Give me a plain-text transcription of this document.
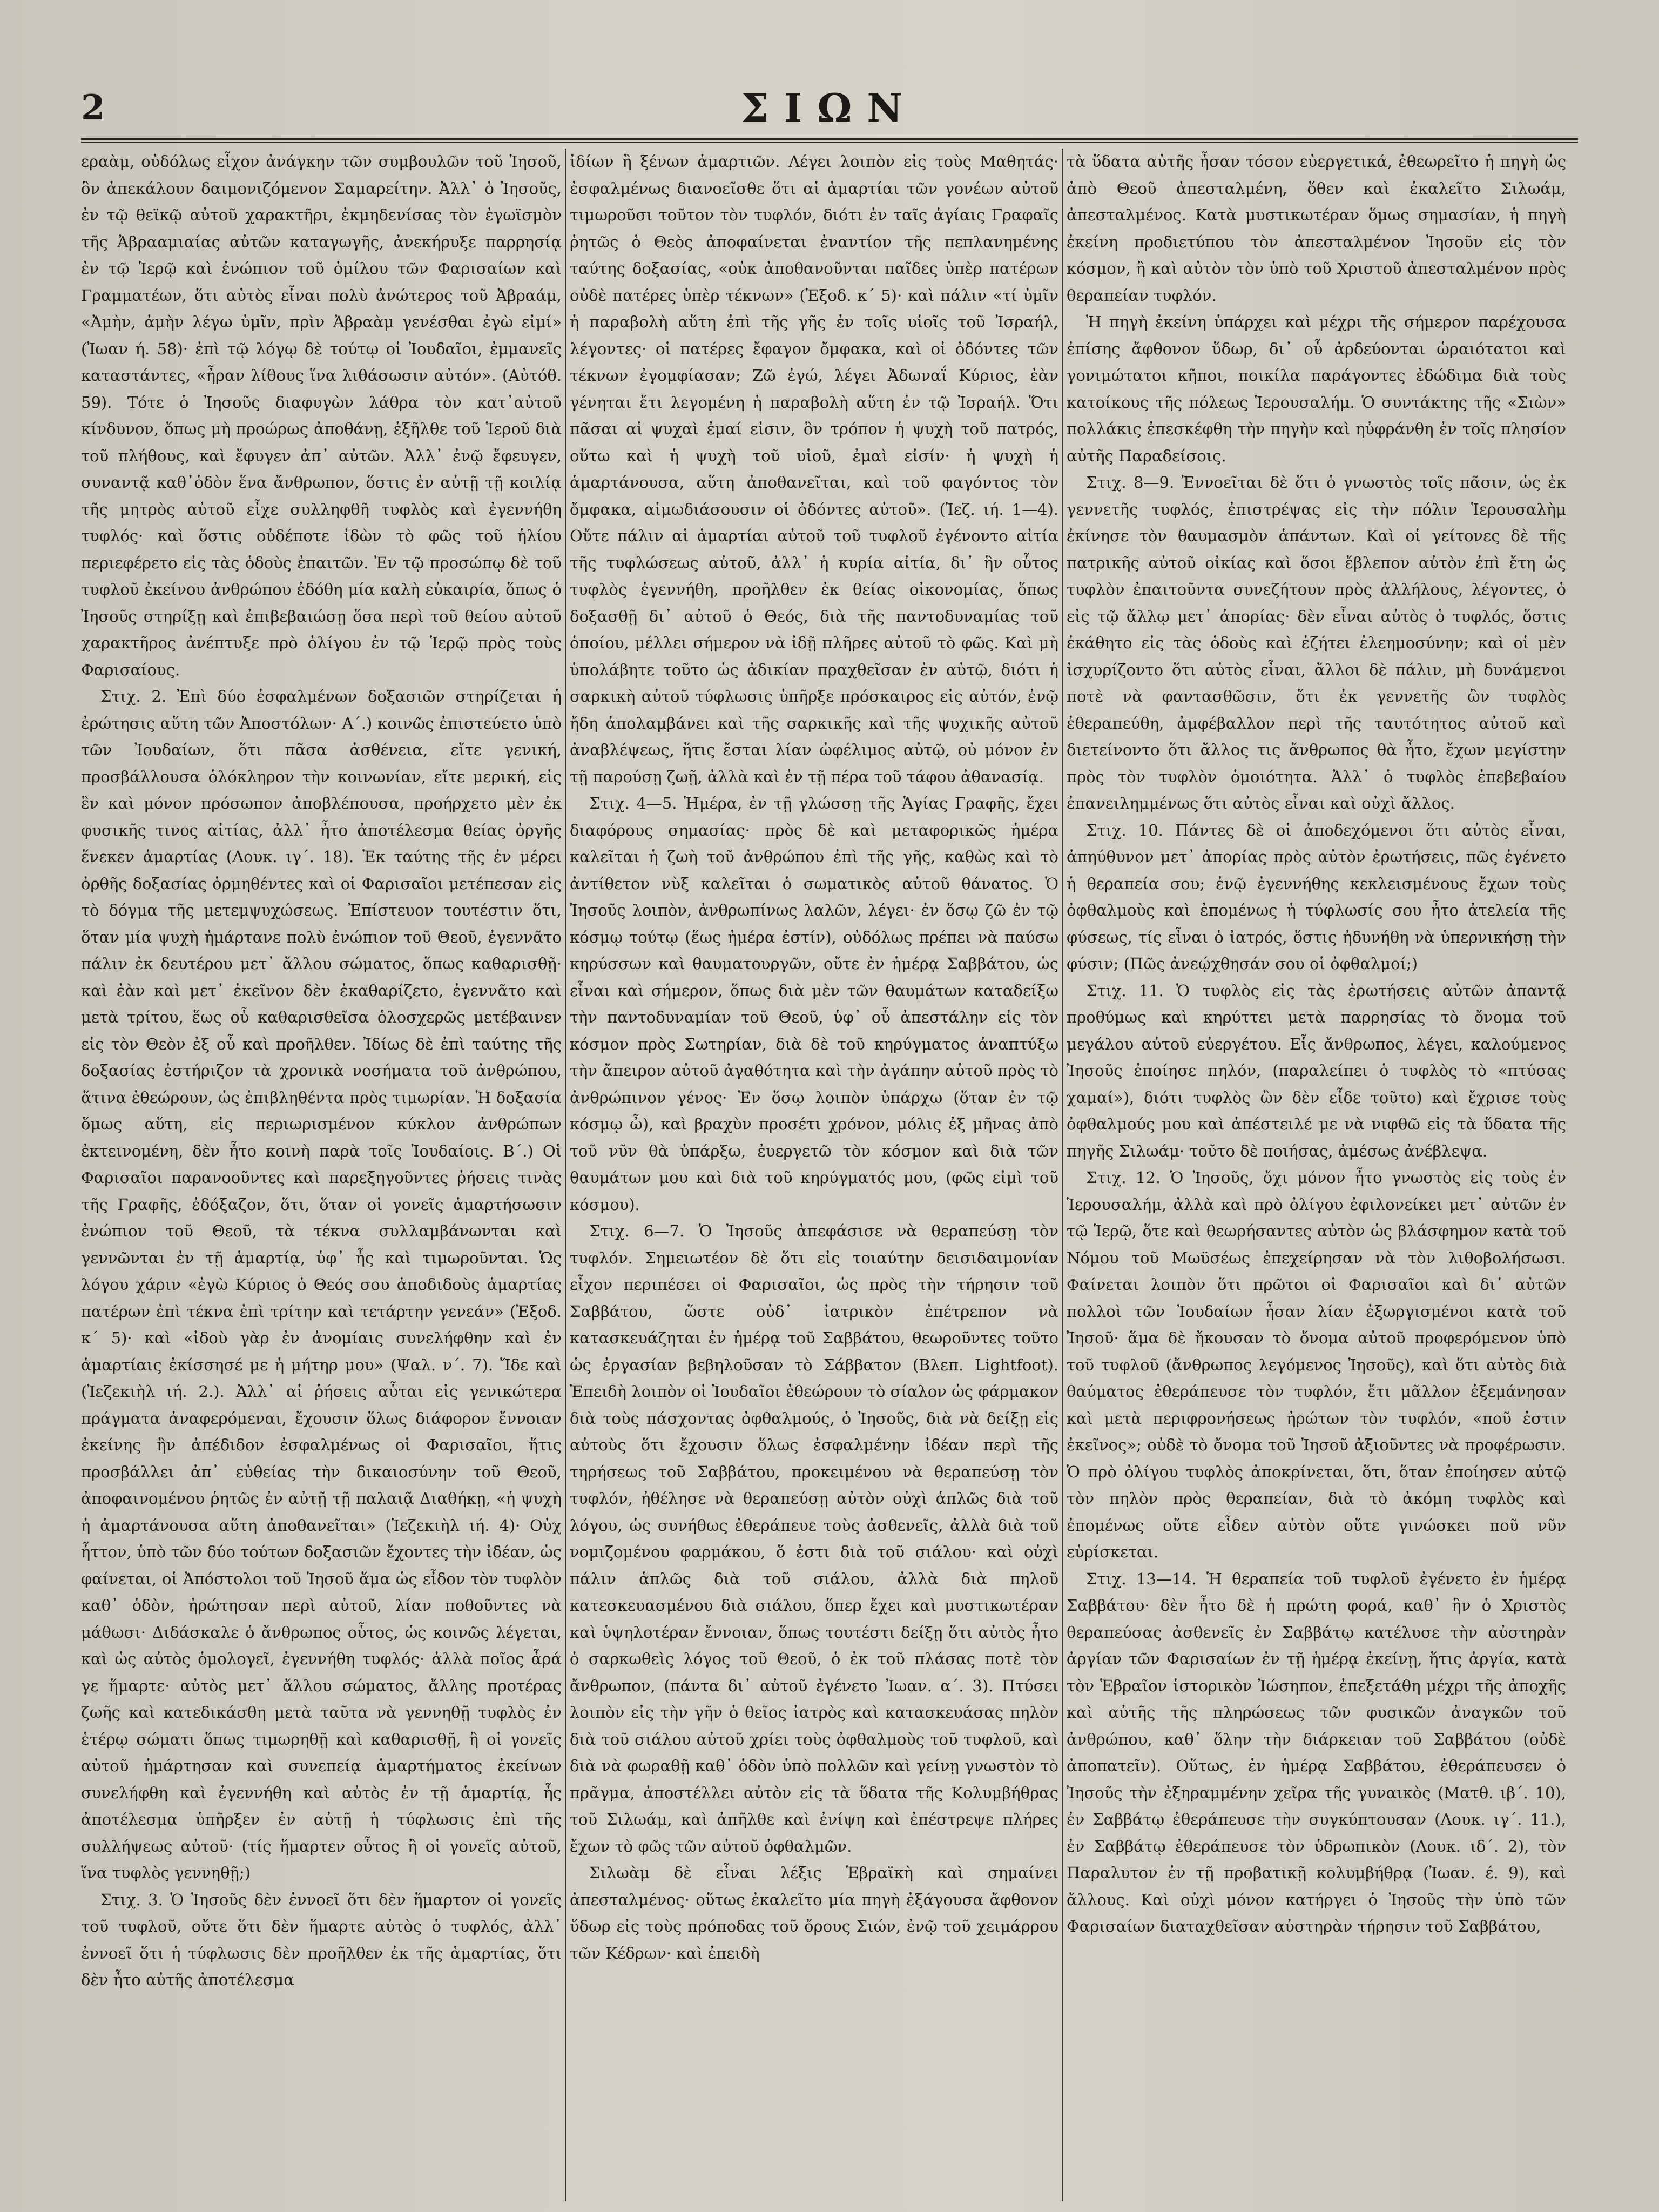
ΣΙΩΝ
2

εραὰμ, οὐδόλως εἶχον ἀνάγκην τῶν συμβουλῶν τοῦ Ἰησοῦ, ὃν ἀπεκάλουν δαιμονιζόμενον Σαμαρείτην. Ἀλλ᾽ ὁ Ἰησοῦς, ἐν τῷ θεϊκῷ αὐτοῦ χαρακτῆρι, ἐκμηδενίσας τὸν ἐγωϊσμὸν τῆς Ἀβρααμιαίας αὐτῶν καταγωγῆς, ἀνεκήρυξε παρρησίᾳ ἐν τῷ Ἱερῷ καὶ ἐνώπιον τοῦ ὁμίλου τῶν Φαρισαίων καὶ Γραμματέων, ὅτι αὐτὸς εἶναι πολὺ ἀνώτερος τοῦ Ἀβραάμ, «Ἀμὴν, ἀμὴν λέγω ὑμῖν, πρὶν Ἀβραὰμ γενέσθαι ἐγὼ εἰμί» (Ἰωαν ή. 58)· ἐπὶ τῷ λόγῳ δὲ τούτῳ οἱ Ἰουδαῖοι, ἐμμανεῖς καταστάντες, «ἦραν λίθους ἵνα λιθάσωσιν αὐτόν». (Αὐτόθ. 59). Τότε ὁ Ἰησοῦς διαφυγὼν λάθρα τὸν κατ᾽αὐτοῦ κίνδυνον, ὅπως μὴ προώρως ἀποθάνῃ, ἐξῆλθε τοῦ Ἱεροῦ διὰ τοῦ πλήθους, καὶ ἔφυγεν ἀπ᾽ αὐτῶν. Ἀλλ᾽ ἐνῷ ἔφευγεν, συναντᾷ καθ᾽ὁδὸν ἕνα ἄνθρωπον, ὅστις ἐν αὐτῇ τῇ κοιλίᾳ τῆς μητρὸς αὐτοῦ εἶχε συλληφθῆ τυφλὸς καὶ ἐγεννήθη τυφλός· καὶ ὅστις οὐδέποτε ἰδὼν τὸ φῶς τοῦ ἡλίου περιεφέρετο εἰς τὰς ὁδοὺς ἐπαιτῶν. Ἐν τῷ προσώπῳ δὲ τοῦ τυφλοῦ ἐκείνου ἀνθρώπου ἐδόθη μία καλὴ εὐκαιρία, ὅπως ὁ Ἰησοῦς στηρίξῃ καὶ ἐπιβεβαιώσῃ ὅσα περὶ τοῦ θείου αὐτοῦ χαρακτῆρος ἀνέπτυξε πρὸ ὀλίγου ἐν τῷ Ἱερῷ πρὸς τοὺς Φαρισαίους.

Στιχ. 2. Ἐπὶ δύο ἐσφαλμένων δοξασιῶν στηρίζεται ἡ ἐρώτησις αὕτη τῶν Ἀποστόλων· Α´.) κοινῶς ἐπιστεύετο ὑπὸ τῶν Ἰουδαίων, ὅτι πᾶσα ἀσθένεια, εἴτε γενική, προσβάλλουσα ὁλόκληρον τὴν κοινωνίαν, εἴτε μερική, εἰς ἓν καὶ μόνον πρόσωπον ἀποβλέπουσα, προήρχετο μὲν ἐκ φυσικῆς τινος αἰτίας, ἀλλ᾽ ἦτο ἀποτέλεσμα θείας ὀργῆς ἕνεκεν ἁμαρτίας (Λουκ. ιγ´. 18). Ἐκ ταύτης τῆς ἐν μέρει ὀρθῆς δοξασίας ὁρμηθέντες καὶ οἱ Φαρισαῖοι μετέπεσαν εἰς τὸ δόγμα τῆς μετεμψυχώσεως. Ἐπίστευον τουτέστιν ὅτι, ὅταν μία ψυχὴ ἡμάρτανε πολὺ ἐνώπιον τοῦ Θεοῦ, ἐγεννᾶτο πάλιν ἐκ δευτέρου μετ᾽ ἄλλου σώματος, ὅπως καθαρισθῇ· καὶ ἐὰν καὶ μετ᾽ ἐκεῖνον δὲν ἐκαθαρίζετο, ἐγεννᾶτο καὶ μετὰ τρίτου, ἕως οὗ καθαρισθεῖσα ὁλοσχερῶς μετέβαινεν εἰς τὸν Θεὸν ἐξ οὗ καὶ προῆλθεν. Ἰδίως δὲ ἐπὶ ταύτης τῆς δοξασίας ἐστήριζον τὰ χρονικὰ νοσήματα τοῦ ἀνθρώπου, ἅτινα ἐθεώρουν, ὡς ἐπιβληθέντα πρὸς τιμωρίαν. Ἡ δοξασία ὅμως αὕτη, εἰς περιωρισμένον κύκλον ἀνθρώπων ἐκτεινομένη, δὲν ἦτο κοινὴ παρὰ τοῖς Ἰουδαίοις. Β´.) Οἱ Φαρισαῖοι παρανοοῦντες καὶ παρεξηγοῦντες ῥήσεις τινὰς τῆς Γραφῆς, ἐδόξαζον, ὅτι, ὅταν οἱ γονεῖς ἁμαρτήσωσιν ἐνώπιον τοῦ Θεοῦ, τὰ τέκνα συλλαμβάνωνται καὶ γεννῶνται ἐν τῇ ἁμαρτίᾳ, ὑφ᾽ ἧς καὶ τιμωροῦνται. Ὡς λόγου χάριν «ἐγὼ Κύριος ὁ Θεός σου ἀποδιδοὺς ἁμαρτίας πατέρων ἐπὶ τέκνα ἐπὶ τρίτην καὶ τετάρτην γενεάν» (Ἐξοδ. κ´ 5)· καὶ «ἰδοὺ γὰρ ἐν ἀνομίαις συνελήφθην καὶ ἐν ἁμαρτίαις ἐκίσσησέ με ἡ μήτηρ μου» (Ψαλ. ν´. 7). Ἴδε καὶ (Ἰεζεκιὴλ ιή. 2.). Ἀλλ᾽ αἱ ῥήσεις αὗται εἰς γενικώτερα πράγματα ἀναφερόμεναι, ἔχουσιν ὅλως διάφορον ἔννοιαν ἐκείνης ἣν ἀπέδιδον ἐσφαλμένως οἱ Φαρισαῖοι, ἥτις προσβάλλει ἀπ᾽ εὐθείας τὴν δικαιοσύνην τοῦ Θεοῦ, ἀποφαινομένου ῥητῶς ἐν αὐτῇ τῇ παλαιᾷ Διαθήκῃ, «ἡ ψυχὴ ἡ ἁμαρτάνουσα αὕτη ἀποθανεῖται» (Ἰεζεκιὴλ ιή. 4)· Οὐχ ἧττον, ὑπὸ τῶν δύο τούτων δοξασιῶν ἔχοντες τὴν ἰδέαν, ὡς φαίνεται, οἱ Ἀπόστολοι τοῦ Ἰησοῦ ἅμα ὡς εἶδον τὸν τυφλὸν καθ᾽ ὁδὸν, ἠρώτησαν περὶ αὐτοῦ, λίαν ποθοῦντες νὰ μάθωσι· Διδάσκαλε ὁ ἄνθρωπος οὗτος, ὡς κοινῶς λέγεται, καὶ ὡς αὐτὸς ὁμολογεῖ, ἐγεννήθη τυφλός· ἀλλὰ ποῖος ἆρά γε ἥμαρτε· αὐτὸς μετ᾽ ἄλλου σώματος, ἄλλης προτέρας ζωῆς καὶ κατεδικάσθη μετὰ ταῦτα νὰ γεννηθῇ τυφλὸς ἐν ἑτέρῳ σώματι ὅπως τιμωρηθῇ καὶ καθαρισθῇ, ἢ οἱ γονεῖς αὐτοῦ ἡμάρτησαν καὶ συνεπείᾳ ἁμαρτήματος ἐκείνων συνελήφθη καὶ ἐγεννήθη καὶ αὐτὸς ἐν τῇ ἁμαρτίᾳ, ἧς ἀποτέλεσμα ὑπῆρξεν ἐν αὐτῇ ἡ τύφλωσις ἐπὶ τῆς συλλήψεως αὐτοῦ· (τίς ἥμαρτεν οὗτος ἢ οἱ γονεῖς αὐτοῦ, ἵνα τυφλὸς γεννηθῇ;)

Στιχ. 3. Ὁ Ἰησοῦς δὲν ἐννοεῖ ὅτι δὲν ἥμαρτον οἱ γονεῖς τοῦ τυφλοῦ, οὔτε ὅτι δὲν ἥμαρτε αὐτὸς ὁ τυφλός, ἀλλ᾽ ἐννοεῖ ὅτι ἡ τύφλωσις δὲν προῆλθεν ἐκ τῆς ἁμαρτίας, ὅτι δὲν ἦτο αὐτῆς ἀποτέλεσμα

ἰδίων ἢ ξένων ἁμαρτιῶν. Λέγει λοιπὸν εἰς τοὺς Μαθητάς· ἐσφαλμένως διανοεῖσθε ὅτι αἱ ἁμαρτίαι τῶν γονέων αὐτοῦ τιμωροῦσι τοῦτον τὸν τυφλόν, διότι ἐν ταῖς ἁγίαις Γραφαῖς ῥητῶς ὁ Θεὸς ἀποφαίνεται ἐναντίον τῆς πεπλανημένης ταύτης δοξασίας, «οὐκ ἀποθανοῦνται παῖδες ὑπὲρ πατέρων οὐδὲ πατέρες ὑπὲρ τέκνων» (Ἐξοδ. κ´ 5)· καὶ πάλιν «τί ὑμῖν ἡ παραβολὴ αὕτη ἐπὶ τῆς γῆς ἐν τοῖς υἱοῖς τοῦ Ἰσραήλ, λέγοντες· οἱ πατέρες ἔφαγον ὄμφακα, καὶ οἱ ὀδόντες τῶν τέκνων ἐγομφίασαν; Ζῶ ἐγώ, λέγει Ἀδωναΐ Κύριος, ἐὰν γένηται ἔτι λεγομένη ἡ παραβολὴ αὕτη ἐν τῷ Ἰσραήλ. Ὅτι πᾶσαι αἱ ψυχαὶ ἐμαί εἰσιν, ὃν τρόπον ἡ ψυχὴ τοῦ πατρός, οὕτω καὶ ἡ ψυχὴ τοῦ υἱοῦ, ἐμαὶ εἰσίν· ἡ ψυχὴ ἡ ἁμαρτάνουσα, αὕτη ἀποθανεῖται, καὶ τοῦ φαγόντος τὸν ὄμφακα, αἱμωδιάσουσιν οἱ ὀδόντες αὐτοῦ». (Ἰεζ. ιή. 1—4). Οὔτε πάλιν αἱ ἁμαρτίαι αὐτοῦ τοῦ τυφλοῦ ἐγένοντο αἰτία τῆς τυφλώσεως αὐτοῦ, ἀλλ᾽ ἡ κυρία αἰτία, δι᾽ ἣν οὗτος τυφλὸς ἐγεννήθη, προῆλθεν ἐκ θείας οἰκονομίας, ὅπως δοξασθῇ δι᾽ αὐτοῦ ὁ Θεός, διὰ τῆς παντοδυναμίας τοῦ ὁποίου, μέλλει σήμερον νὰ ἰδῇ πλῆρες αὐτοῦ τὸ φῶς. Καὶ μὴ ὑπολάβητε τοῦτο ὡς ἀδικίαν πραχθεῖσαν ἐν αὐτῷ, διότι ἡ σαρκικὴ αὐτοῦ τύφλωσις ὑπῆρξε πρόσκαιρος εἰς αὐτόν, ἐνῷ ἤδη ἀπολαμβάνει καὶ τῆς σαρκικῆς καὶ τῆς ψυχικῆς αὐτοῦ ἀναβλέψεως, ἥτις ἔσται λίαν ὠφέλιμος αὐτῷ, οὐ μόνον ἐν τῇ παρούσῃ ζωῇ, ἀλλὰ καὶ ἐν τῇ πέρα τοῦ τάφου ἀθανασίᾳ.

Στιχ. 4—5. Ἡμέρα, ἐν τῇ γλώσσῃ τῆς Ἁγίας Γραφῆς, ἔχει διαφόρους σημασίας· πρὸς δὲ καὶ μεταφορικῶς ἡμέρα καλεῖται ἡ ζωὴ τοῦ ἀνθρώπου ἐπὶ τῆς γῆς, καθὼς καὶ τὸ ἀντίθετον νὺξ καλεῖται ὁ σωματικὸς αὐτοῦ θάνατος. Ὁ Ἰησοῦς λοιπὸν, ἀνθρωπίνως λαλῶν, λέγει· ἐν ὅσῳ ζῶ ἐν τῷ κόσμῳ τούτῳ (ἕως ἡμέρα ἐστίν), οὐδόλως πρέπει νὰ παύσω κηρύσσων καὶ θαυματουργῶν, οὔτε ἐν ἡμέρᾳ Σαββάτου, ὡς εἶναι καὶ σήμερον, ὅπως διὰ μὲν τῶν θαυμάτων καταδείξω τὴν παντοδυναμίαν τοῦ Θεοῦ, ὑφ᾽ οὗ ἀπεστάλην εἰς τὸν κόσμον πρὸς Σωτηρίαν, διὰ δὲ τοῦ κηρύγματος ἀναπτύξω τὴν ἄπειρον αὐτοῦ ἀγαθότητα καὶ τὴν ἀγάπην αὐτοῦ πρὸς τὸ ἀνθρώπινον γένος· Ἐν ὅσῳ λοιπὸν ὑπάρχω (ὅταν ἐν τῷ κόσμῳ ὦ), καὶ βραχὺν προσέτι χρόνον, μόλις ἐξ μῆνας ἀπὸ τοῦ νῦν θὰ ὑπάρξω, ἐυεργετῶ τὸν κόσμον καὶ διὰ τῶν θαυμάτων μου καὶ διὰ τοῦ κηρύγματός μου, (φῶς εἰμὶ τοῦ κόσμου).

Στιχ. 6—7. Ὁ Ἰησοῦς ἀπεφάσισε νὰ θεραπεύσῃ τὸν τυφλόν. Σημειωτέον δὲ ὅτι εἰς τοιαύτην δεισιδαιμονίαν εἶχον περιπέσει οἱ Φαρισαῖοι, ὡς πρὸς τὴν τήρησιν τοῦ Σαββάτου, ὥστε οὐδ᾽ ἰατρικὸν ἐπέτρεπον νὰ κατασκευάζηται ἐν ἡμέρᾳ τοῦ Σαββάτου, θεωροῦντες τοῦτο ὡς ἐργασίαν βεβηλοῦσαν τὸ Σάββατον (Βλεπ. Lightfoot). Ἐπειδὴ λοιπὸν οἱ Ἰουδαῖοι ἐθεώρουν τὸ σίαλον ὡς φάρμακον διὰ τοὺς πάσχοντας ὀφθαλμούς, ὁ Ἰησοῦς, διὰ νὰ δείξῃ εἰς αὐτοὺς ὅτι ἔχουσιν ὅλως ἐσφαλμένην ἰδέαν περὶ τῆς τηρήσεως τοῦ Σαββάτου, προκειμένου νὰ θεραπεύσῃ τὸν τυφλόν, ἠθέλησε νὰ θεραπεύσῃ αὐτὸν οὐχὶ ἁπλῶς διὰ τοῦ λόγου, ὡς συνήθως ἐθεράπευε τοὺς ἀσθενεῖς, ἀλλὰ διὰ τοῦ νομιζομένου φαρμάκου, ὅ ἐστι διὰ τοῦ σιάλου· καὶ οὐχὶ πάλιν ἁπλῶς διὰ τοῦ σιάλου, ἀλλὰ διὰ πηλοῦ κατεσκευασμένου διὰ σιάλου, ὅπερ ἔχει καὶ μυστικωτέραν καὶ ὑψηλοτέραν ἔννοιαν, ὅπως τουτέστι δείξῃ ὅτι αὐτὸς ἦτο ὁ σαρκωθεὶς λόγος τοῦ Θεοῦ, ὁ ἐκ τοῦ πλάσας ποτὲ τὸν ἄνθρωπον, (πάντα δι᾽ αὐτοῦ ἐγένετο Ἰωαν. α´. 3). Πτύσει λοιπὸν εἰς τὴν γῆν ὁ θεῖος ἰατρὸς καὶ κατασκευάσας πηλὸν διὰ τοῦ σιάλου αὐτοῦ χρίει τοὺς ὀφθαλμοὺς τοῦ τυφλοῦ, καὶ διὰ νὰ φωραθῇ καθ᾽ ὁδὸν ὑπὸ πολλῶν καὶ γείνῃ γνωστὸν τὸ πρᾶγμα, ἀποστέλλει αὐτὸν εἰς τὰ ὕδατα τῆς Κολυμβήθρας τοῦ Σιλωάμ, καὶ ἀπῆλθε καὶ ἐνίψη καὶ ἐπέστρεψε πλήρες ἔχων τὸ φῶς τῶν αὐτοῦ ὀφθαλμῶν.

Σιλωὰμ δὲ εἶναι λέξις Ἑβραϊκὴ καὶ σημαίνει ἀπεσταλμένος· οὕτως ἐκαλεῖτο μία πηγὴ ἐξάγουσα ἄφθονον ὕδωρ εἰς τοὺς πρόποδας τοῦ ὄρους Σιών, ἐνῷ τοῦ χειμάρρου τῶν Κέδρων· καὶ ἐπειδὴ

τὰ ὕδατα αὐτῆς ἦσαν τόσον εὐεργετικά, ἐθεωρεῖτο ἡ πηγὴ ὡς ἀπὸ Θεοῦ ἀπεσταλμένη, ὅθεν καὶ ἐκαλεῖτο Σιλωάμ, ἀπεσταλμένος. Κατὰ μυστικωτέραν ὅμως σημασίαν, ἡ πηγὴ ἐκείνη προδιετύπου τὸν ἀπεσταλμένον Ἰησοῦν εἰς τὸν κόσμον, ἢ καὶ αὐτὸν τὸν ὑπὸ τοῦ Χριστοῦ ἀπεσταλμένον πρὸς θεραπείαν τυφλόν.

Ἡ πηγὴ ἐκείνη ὑπάρχει καὶ μέχρι τῆς σήμερον παρέχουσα ἐπίσης ἄφθονον ὕδωρ, δι᾽ οὗ ἀρδεύονται ὡραιότατοι καὶ γονιμώτατοι κῆποι, ποικίλα παράγοντες ἐδώδιμα διὰ τοὺς κατοίκους τῆς πόλεως Ἱερουσαλήμ. Ὁ συντάκτης τῆς «Σιὼν» πολλάκις ἐπεσκέφθη τὴν πηγὴν καὶ ηὐφράνθη ἐν τοῖς πλησίον αὐτῆς Παραδείσοις.

Στιχ. 8—9. Ἐννοεῖται δὲ ὅτι ὁ γνωστὸς τοῖς πᾶσιν, ὡς ἐκ γεννετῆς τυφλός, ἐπιστρέψας εἰς τὴν πόλιν Ἱερουσαλὴμ ἐκίνησε τὸν θαυμασμὸν ἁπάντων. Καὶ οἱ γείτονες δὲ τῆς πατρικῆς αὐτοῦ οἰκίας καὶ ὅσοι ἔβλεπον αὐτὸν ἐπὶ ἔτη ὡς τυφλὸν ἐπαιτοῦντα συνεζήτουν πρὸς ἀλλήλους, λέγοντες, ὁ εἰς τῷ ἄλλῳ μετ᾽ ἀπορίας· δὲν εἶναι αὐτὸς ὁ τυφλός, ὅστις ἐκάθητο εἰς τὰς ὁδοὺς καὶ ἐζήτει ἐλεημοσύνην; καὶ οἱ μὲν ἰσχυρίζοντο ὅτι αὐτὸς εἶναι, ἄλλοι δὲ πάλιν, μὴ δυνάμενοι ποτὲ νὰ φαντασθῶσιν, ὅτι ἐκ γεννετῆς ὢν τυφλὸς ἐθεραπεύθη, ἀμφέβαλλον περὶ τῆς ταυτότητος αὐτοῦ καὶ διετείνοντο ὅτι ἄλλος τις ἄνθρωπος θὰ ἦτο, ἔχων μεγίστην πρὸς τὸν τυφλὸν ὁμοιότητα. Ἀλλ᾽ ὁ τυφλὸς ἐπεβεβαίου ἐπανειλημμένως ὅτι αὐτὸς εἶναι καὶ οὐχὶ ἄλλος.

Στιχ. 10. Πάντες δὲ οἱ ἀποδεχόμενοι ὅτι αὐτὸς εἶναι, ἀπηύθυνον μετ᾽ ἀπορίας πρὸς αὐτὸν ἐρωτήσεις, πῶς ἐγένετο ἡ θεραπεία σου; ἐνῷ ἐγεννήθης κεκλεισμένους ἔχων τοὺς ὀφθαλμοὺς καὶ ἐπομένως ἡ τύφλωσίς σου ἦτο ἀτελεία τῆς φύσεως, τίς εἶναι ὁ ἰατρός, ὅστις ἠδυνήθη νὰ ὑπερνικήσῃ τὴν φύσιν; (Πῶς ἀνεῴχθησάν σου οἱ ὀφθαλμοί;)

Στιχ. 11. Ὁ τυφλὸς εἰς τὰς ἐρωτήσεις αὐτῶν ἀπαντᾷ προθύμως καὶ κηρύττει μετὰ παρρησίας τὸ ὄνομα τοῦ μεγάλου αὐτοῦ εὐεργέτου. Εἷς ἄνθρωπος, λέγει, καλούμενος Ἰησοῦς ἐποίησε πηλόν, (παραλείπει ὁ τυφλὸς τὸ «πτύσας χαμαί»), διότι τυφλὸς ὢν δὲν εἶδε τοῦτο) καὶ ἔχρισε τοὺς ὀφθαλμούς μου καὶ ἀπέστειλέ με νὰ νιφθῶ εἰς τὰ ὕδατα τῆς πηγῆς Σιλωάμ· τοῦτο δὲ ποιήσας, ἀμέσως ἀνέβλεψα.

Στιχ. 12. Ὁ Ἰησοῦς, ὄχι μόνον ἦτο γνωστὸς εἰς τοὺς ἐν Ἱερουσαλήμ, ἀλλὰ καὶ πρὸ ὀλίγου ἐφιλονείκει μετ᾽ αὐτῶν ἐν τῷ Ἱερῷ, ὅτε καὶ θεωρήσαντες αὐτὸν ὡς βλάσφημον κατὰ τοῦ Νόμου τοῦ Μωϋσέως ἐπεχείρησαν νὰ τὸν λιθοβολήσωσι. Φαίνεται λοιπὸν ὅτι πρῶτοι οἱ Φαρισαῖοι καὶ δι᾽ αὐτῶν πολλοὶ τῶν Ἰουδαίων ἦσαν λίαν ἐξωργισμένοι κατὰ τοῦ Ἰησοῦ· ἅμα δὲ ἤκουσαν τὸ ὄνομα αὐτοῦ προφερόμενον ὑπὸ τοῦ τυφλοῦ (ἄνθρωπος λεγόμενος Ἰησοῦς), καὶ ὅτι αὐτὸς διὰ θαύματος ἐθεράπευσε τὸν τυφλόν, ἔτι μᾶλλον ἐξεμάνησαν καὶ μετὰ περιφρονήσεως ἠρώτων τὸν τυφλόν, «ποῦ ἐστιν ἐκεῖνος»; οὐδὲ τὸ ὄνομα τοῦ Ἰησοῦ ἀξιοῦντες νὰ προφέρωσιν. Ὁ πρὸ ὀλίγου τυφλὸς ἀποκρίνεται, ὅτι, ὅταν ἐποίησεν αὐτῷ τὸν πηλὸν πρὸς θεραπείαν, διὰ τὸ ἀκόμη τυφλὸς καὶ ἐπομένως οὔτε εἶδεν αὐτὸν οὔτε γινώσκει ποῦ νῦν εὑρίσκεται.

Στιχ. 13—14. Ἡ θεραπεία τοῦ τυφλοῦ ἐγένετο ἐν ἡμέρᾳ Σαββάτου· δὲν ἦτο δὲ ἡ πρώτη φορά, καθ᾽ ἣν ὁ Χριστὸς θεραπεύσας ἀσθενεῖς ἐν Σαββάτῳ κατέλυσε τὴν αὐστηρὰν ἀργίαν τῶν Φαρισαίων ἐν τῇ ἡμέρᾳ ἐκείνῃ, ἥτις ἀργία, κατὰ τὸν Ἑβραῖον ἱστορικὸν Ἰώσηπον, ἐπεξετάθη μέχρι τῆς ἀποχῆς καὶ αὐτῆς τῆς πληρώσεως τῶν φυσικῶν ἀναγκῶν τοῦ ἀνθρώπου, καθ᾽ ὅλην τὴν διάρκειαν τοῦ Σαββάτου (οὐδὲ ἀποπατεῖν). Οὕτως, ἐν ἡμέρᾳ Σαββάτου, ἐθεράπευσεν ὁ Ἰησοῦς τὴν ἐξηραμμένην χεῖρα τῆς γυναικὸς (Ματθ. ιβ´. 10), ἐν Σαββάτῳ ἐθεράπευσε τὴν συγκύπτουσαν (Λουκ. ιγ´. 11.), ἐν Σαββάτῳ ἐθεράπευσε τὸν ὑδρωπικὸν (Λουκ. ιδ´. 2), τὸν Παραλυτον ἐν τῇ προβατικῇ κολυμβήθρᾳ (Ἰωαν. έ. 9), καὶ ἄλλους. Καὶ οὐχὶ μόνον κατήργει ὁ Ἰησοῦς τὴν ὑπὸ τῶν Φαρισαίων διαταχθεῖσαν αὐστηρὰν τήρησιν τοῦ Σαββάτου,
